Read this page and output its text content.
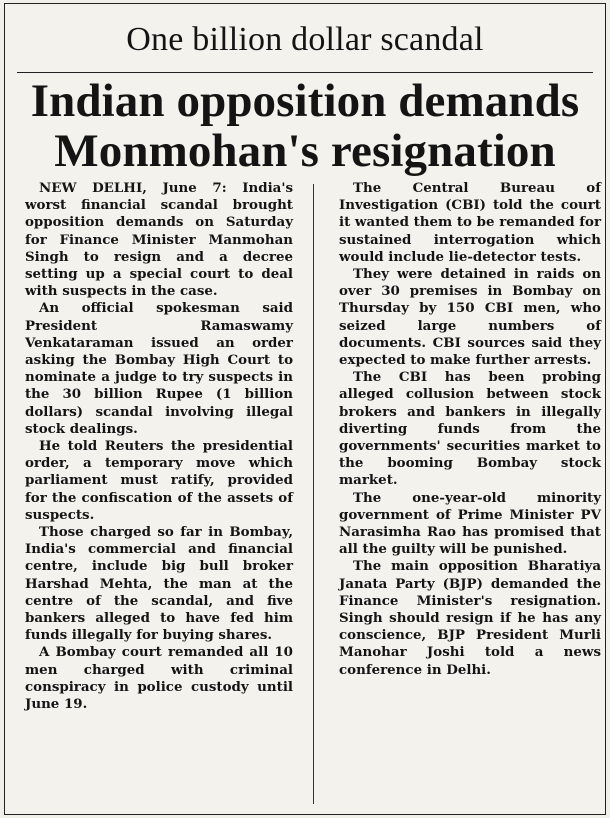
One billion dollar scandal
Indian opposition demands Monmohan's resignation

NEW DELHI, June 7: India's worst financial scandal brought opposition demands on Saturday for Finance Minister Manmohan Singh to resign and a decree setting up a special court to deal with suspects in the case.

An official spokesman said President Ramaswamy Venkataraman issued an order asking the Bombay High Court to nominate a judge to try suspects in the 30 billion Rupee (1 billion dollars) scandal involving illegal stock dealings.

He told Reuters the presidential order, a temporary move which parliament must ratify, provided for the confiscation of the assets of suspects.

Those charged so far in Bombay, India's commercial and financial centre, include big bull broker Harshad Mehta, the man at the centre of the scandal, and five bankers alleged to have fed him funds illegally for buying shares.

A Bombay court remanded all 10 men charged with criminal conspiracy in police custody until June 19.

The Central Bureau of Investigation (CBI) told the court it wanted them to be remanded for sustained interrogation which would include lie-detector tests.

They were detained in raids on over 30 premises in Bombay on Thursday by 150 CBI men, who seized large numbers of documents. CBI sources said they expected to make further arrests.

The CBI has been probing alleged collusion between stock brokers and bankers in illegally diverting funds from the governments' securities market to the booming Bombay stock market.

The one-year-old minority government of Prime Minister PV Narasimha Rao has promised that all the guilty will be punished.

The main opposition Bharatiya Janata Party (BJP) demanded the Finance Minister's resignation. Singh should resign if he has any conscience, BJP President Murli Manohar Joshi told a news conference in Delhi.
